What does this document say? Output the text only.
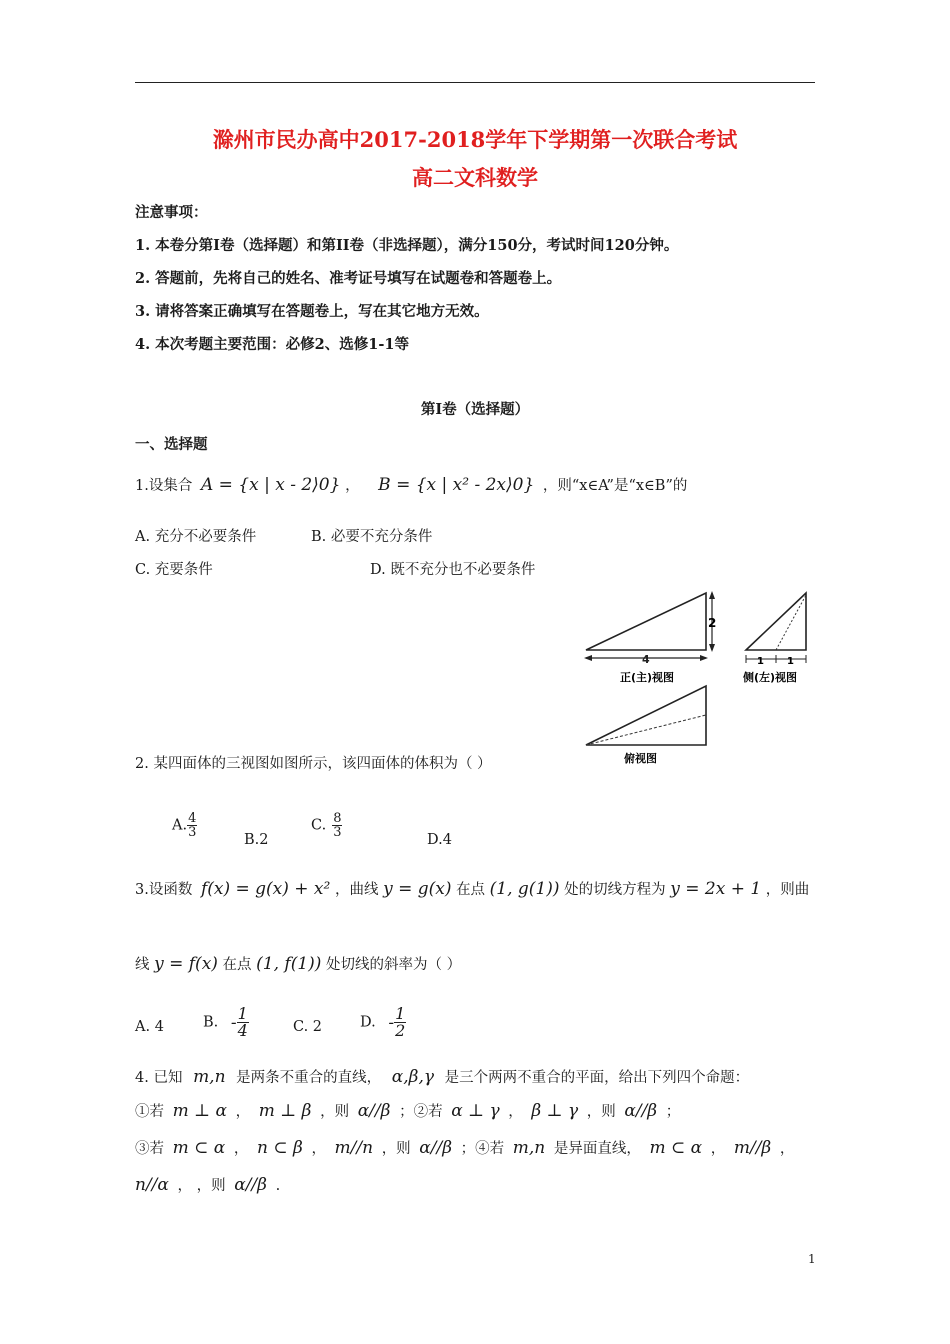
滁州市民办高中2017-2018学年下学期第一次联合考试
高二文科数学
注意事项：
1. 本卷分第Ⅰ卷（选择题）和第II卷（非选择题），满分150分，考试时间120分钟。
2. 答题前，先将自己的姓名、准考证号填写在试题卷和答题卷上。
3. 请将答案正确填写在答题卷上，写在其它地方无效。
4. 本次考题主要范围：必修2、选修1-1等
第Ⅰ卷（选择题）
一、选择题
1.设集合 A = {x | x - 2⟩0} ， B = {x | x² - 2x⟩0} ，则“x∈A”是“x∈B”的
A. 充分不必要条件	B. 必要不充分条件
C. 充要条件	D. 既不充分也不必要条件
2
4
正(主)视图
1 1
侧(左)视图
俯视图
2. 某四面体的三视图如图所示，该四面体的体积为（ ）
A. $\frac{4}{3}$
B.2
C. $\frac{8}{3}$
D.4
3.设函数 f(x) = g(x) + x² ，曲线 y = g(x) 在点 (1, g(1)) 处的切线方程为 y = 2x + 1 ，则曲
线 y = f(x) 在点 (1, f(1)) 处切线的斜率为（ ）
A. 4	B. - $\frac{1}{4}$	C. 2	D. - $\frac{1}{2}$
4. 已知 m,n 是两条不重合的直线， α,β,γ 是三个两两不重合的平面，给出下列四个命题：
①若 m ⊥ α ， m ⊥ β ，则 α//β ；②若 α ⊥ γ ， β ⊥ γ ，则 α//β ；
③若 m ⊂ α ， n ⊂ β ， m//n ，则 α//β ；④若 m,n 是异面直线， m ⊂ α ， m//β ，
n//α ， ，则 α//β .
1
